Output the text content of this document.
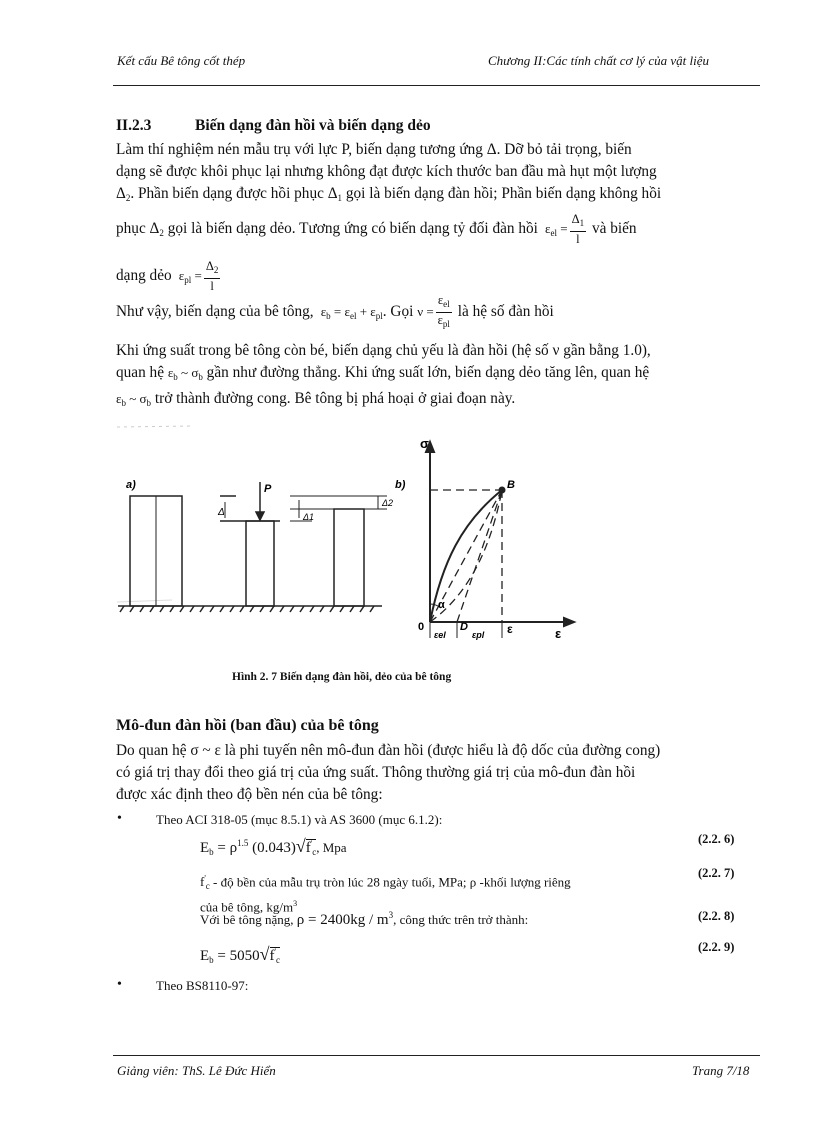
Kết cấu Bê tông cốt thép	Chương II:Các tính chất cơ lý của vật liệu
II.2.3	Biến dạng đàn hồi và biến dạng dẻo
Làm thí nghiệm nén mẫu trụ với lực P, biến dạng tương ứng Δ. Dỡ bỏ tải trọng, biến
dạng sẽ được khôi phục lại nhưng không đạt được kích thước ban đầu mà hụt một lượng
$\Delta_2$. Phần biến dạng được hồi phục $\Delta_1$ gọi là biến dạng đàn hồi; Phần biến dạng không hồi
phục $\Delta_2$ gọi là biến dạng dẻo. Tương ứng có biến dạng tỷ đối đàn hồi  $\varepsilon_{el} = \frac{\Delta_1}{l}$ và biến
dạng dẻo  $\varepsilon_{pl} = \frac{\Delta_2}{l}$
Như vậy, biến dạng của bê tông,  $\varepsilon_b = \varepsilon_{el} + \varepsilon_{pl}$. Gọi $\nu = \frac{\varepsilon_{el}}{\varepsilon_{pl}}$ là hệ số đàn hồi
Khi ứng suất trong bê tông còn bé, biến dạng chủ yếu là đàn hồi (hệ số ν gần bằng 1.0),
quan hệ $\varepsilon_b$ ~ $\sigma_b$ gần như đường thẳng. Khi ứng suất lớn, biến dạng dẻo tăng lên, quan hệ
$\varepsilon_b$ ~ $\sigma_b$ trở thành đường cong. Bê tông bị phá hoại ở giai đoạn này.
a)	P
Δ	Δ1
Δ2
b)
σ
ε
B
α
0	D	ε
εel	εpl
Hình 2. 7 Biến dạng đàn hồi, dẻo của bê tông
Mô-đun đàn hồi (ban đầu) của bê tông
Do quan hệ σ ~ ε là phi tuyến nên mô-đun đàn hồi (được hiểu là độ dốc của đường cong)
có giá trị thay đổi theo giá trị của ứng suất. Thông thường giá trị của mô-đun đàn hồi
được xác định theo độ bền nén của bê tông:
•	Theo ACI 318-05 (mục 8.5.1) và AS 3600 (mục 6.1.2):
$E_b = \rho^{1.5}$ $(0.043)√f'_c$, Mpa
(2.2. 6)
$f'_c$ - độ bền của mẫu trụ tròn lúc 28 ngày tuổi, MPa; ρ -khối lượng riêng
của bê tông, $kg/m^3$
(2.2. 7)
Với bê tông nặng, $\rho = 2400kg / m^3$, công thức trên trở thành:	(2.2. 8)
$E_b = 5050√f'_c$
(2.2. 9)
•	Theo BS8110-97:
Giảng viên: ThS. Lê Đức Hiển	Trang 7/18
